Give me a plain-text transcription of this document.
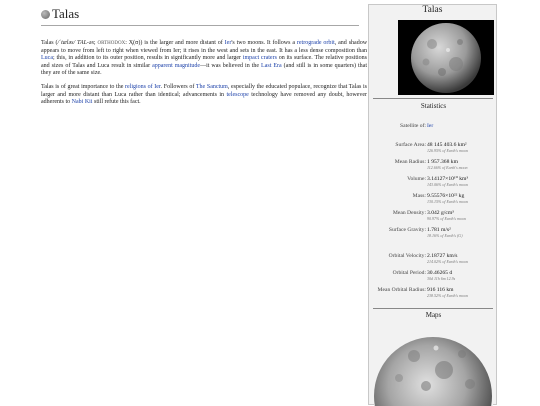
Talas

Talas (/ˈtæləs/ TAL-əs; ORTHODOX: Ҳ(ʊ)) is the larger and more distant of Ier's two moons. It follows a retrograde orbit, and shadow appears to move from left to right when viewed from Ier; it rises in the west and sets in the east. It has a less dense composition than Luca; this, in addition to its outer position, results in significantly more and larger impact craters on its surface. The relative positions and sizes of Talas and Luca result in similar apparent magnitude—it was believed in the Last Era (and still is in some quarters) that they are of the same size.

Talas is of great importance to the religions of Ier. Followers of The Sanctum, especially the educated populace, recognize that Talas is larger and more distant than Luca rather than identical; advancements in telescope technology have removed any doubt, however adherents to Nabi Kii still refute this fact.

Talas
Statistics
Satellite of: Ier
Surface Area: 48 145 403.6 km²
126.95% of Earth's moon
Mean Radius: 1 957.368 km
112.66% of Earth's moon
Volume: 3.14127×10¹⁰ km³
143.06% of Earth's moon
Mass: 9.55576×10²² kg
130.15% of Earth's moon
Mean Density: 3.042 g/cm³
90.97% of Earth's moon
Surface Gravity: 1.781 m/s²
18.16% of Earth's (G)
Orbital Velocity: 2.18727 km/s
214.02% of Earth's moon
Orbital Period: 30.46265 d
30d 11h 6m 12.9s
Mean Orbital Radius: 916 116 km
238.52% of Earth's moon
Maps
